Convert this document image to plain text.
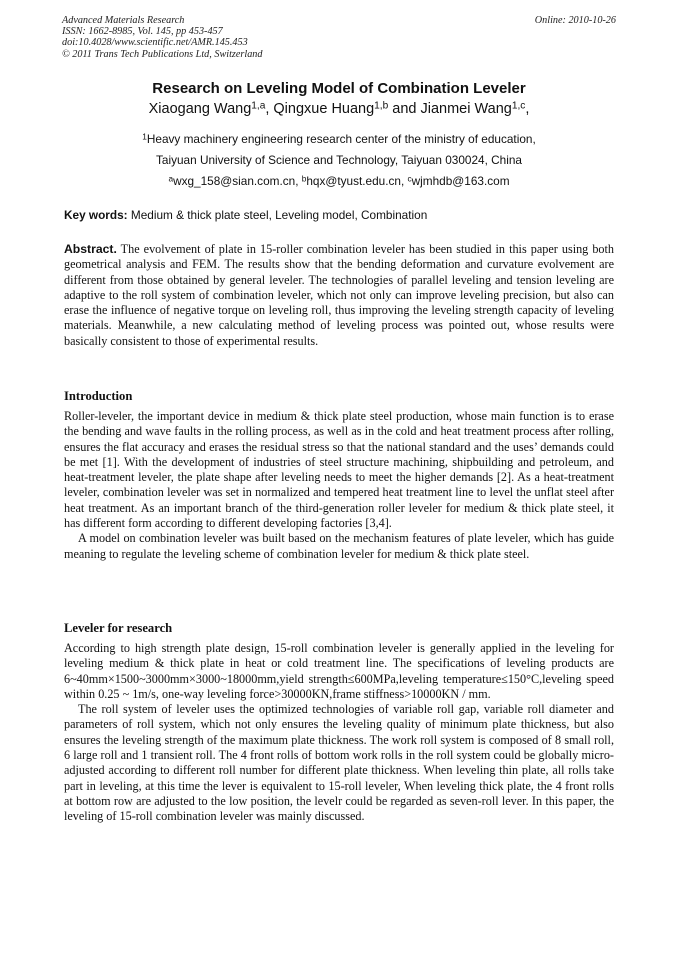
Advanced Materials Research
ISSN: 1662-8985, Vol. 145, pp 453-457
doi:10.4028/www.scientific.net/AMR.145.453
© 2011 Trans Tech Publications Ltd, Switzerland
Online: 2010-10-26
Research on Leveling Model of Combination Leveler
Xiaogang Wang$^{1,a}$, Qingxue Huang$^{1,b}$ and Jianmei Wang$^{1,c}$,
$^1$Heavy machinery engineering research center of the ministry of education,
Taiyuan University of Science and Technology, Taiyuan 030024, China
$^a$wxg_158@sian.com.cn, $^b$hqx@tyust.edu.cn, $^c$wjmhdb@163.com
Key words: Medium & thick plate steel, Leveling model, Combination

Abstract. The evolvement of plate in 15-roller combination leveler has been studied in this paper using both geometrical analysis and FEM. The results show that the bending deformation and curvature evolvement are different from those obtained by general leveler. The technologies of parallel leveling and tension leveling are adaptive to the roll system of combination leveler, which not only can improve leveling precision, but also can erase the influence of negative torque on leveling roll, thus improving the leveling strength capacity of leveling materials. Meanwhile, a new calculating method of leveling process was pointed out, whose results were basically consistent to those of experimental results.

Introduction

Roller-leveler, the important device in medium & thick plate steel production, whose main function is to erase the bending and wave faults in the rolling process, as well as in the cold and heat treatment process after rolling, ensures the flat accuracy and erases the residual stress so that the national standard and the uses’ demands could be met [1]. With the development of industries of steel structure machining, shipbuilding and petroleum, and heat-treatment leveler, the plate shape after leveling needs to meet the higher demands [2]. As a heat-treatment leveler, combination leveler was set in normalized and tempered heat treatment line to level the unflat steel after heat treatment. As an important branch of the third-generation roller leveler for medium & thick plate steel, it has different form according to different developing factories [3,4].

A model on combination leveler was built based on the mechanism features of plate leveler, which has guide meaning to regulate the leveling scheme of combination leveler for medium & thick plate steel.

Leveler for research

According to high strength plate design, 15-roll combination leveler is generally applied in the leveling for leveling medium & thick plate in heat or cold treatment line. The specifications of leveling products are 6~40mm×1500~3000mm×3000~18000mm,yield strength≤600MPa,leveling temperature≤150°C,leveling speed within 0.25 ~ 1m/s, one-way leveling force>30000KN,frame stiffness>10000KN / mm.

The roll system of leveler uses the optimized technologies of variable roll gap, variable roll diameter and parameters of roll system, which not only ensures the leveling quality of minimum plate thickness, but also ensures the leveling strength of the maximum plate thickness. The work roll system is composed of 8 small roll, 6 large roll and 1 transient roll. The 4 front rolls of bottom work rolls in the roll system could be globally micro-adjusted according to different roll number for different plate thickness. When leveling thin plate, all rolls take part in leveling, at this time the lever is equivalent to 15-roll leveler, When leveling thick plate, the 4 front rolls at bottom row are adjusted to the low position, the levelr could be regarded as seven-roll lever. In this paper, the leveling of 15-roll combination leveler was mainly discussed.
